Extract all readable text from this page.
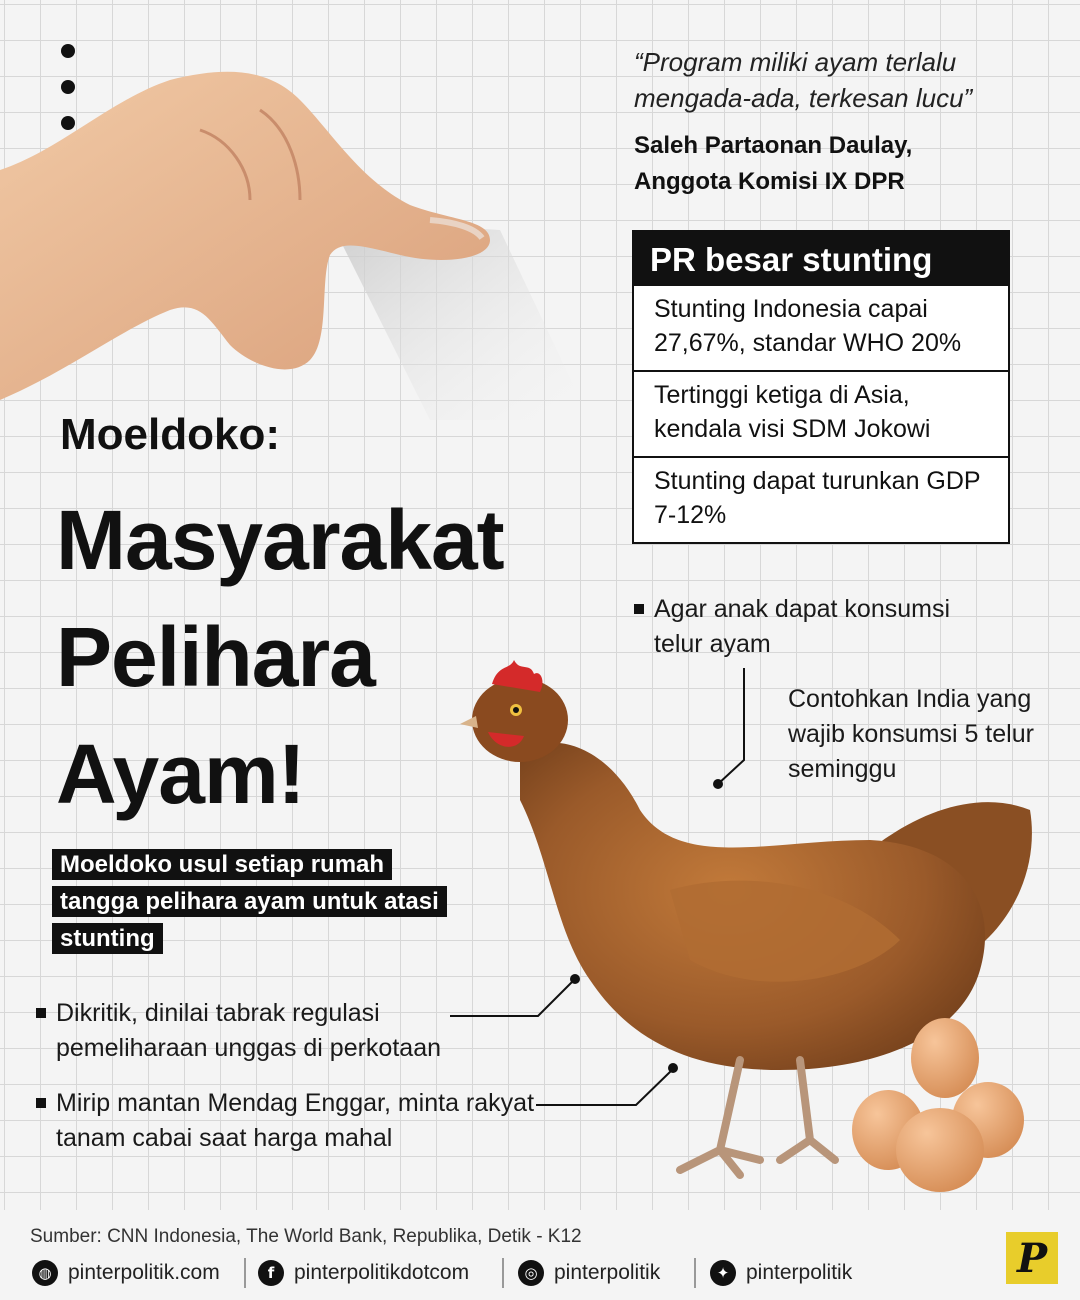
“Program miliki ayam terlalu mengada-ada, terkesan lucu”
Saleh Partaonan Daulay,
Anggota Komisi IX DPR
PR besar stunting
Stunting Indonesia capai 27,67%, standar WHO 20%
Tertinggi ketiga di Asia, kendala visi SDM Jokowi
Stunting dapat turunkan GDP 7-12%
Moeldoko:
Masyarakat
Pelihara
Ayam!
Moeldoko usul setiap rumah tangga pelihara ayam untuk atasi stunting
Agar anak dapat konsumsi telur ayam
Contohkan India yang wajib konsumsi 5 telur seminggu
Dikritik, dinilai tabrak regulasi pemeliharaan unggas di perkotaan
Mirip mantan Mendag Enggar, minta rakyat tanam cabai saat harga mahal
Sumber: CNN Indonesia, The World Bank, Republika, Detik - K12
◍ pinterpolitik.com	f pinterpolitikdotcom	◎ pinterpolitik	✦ pinterpolitik	P
